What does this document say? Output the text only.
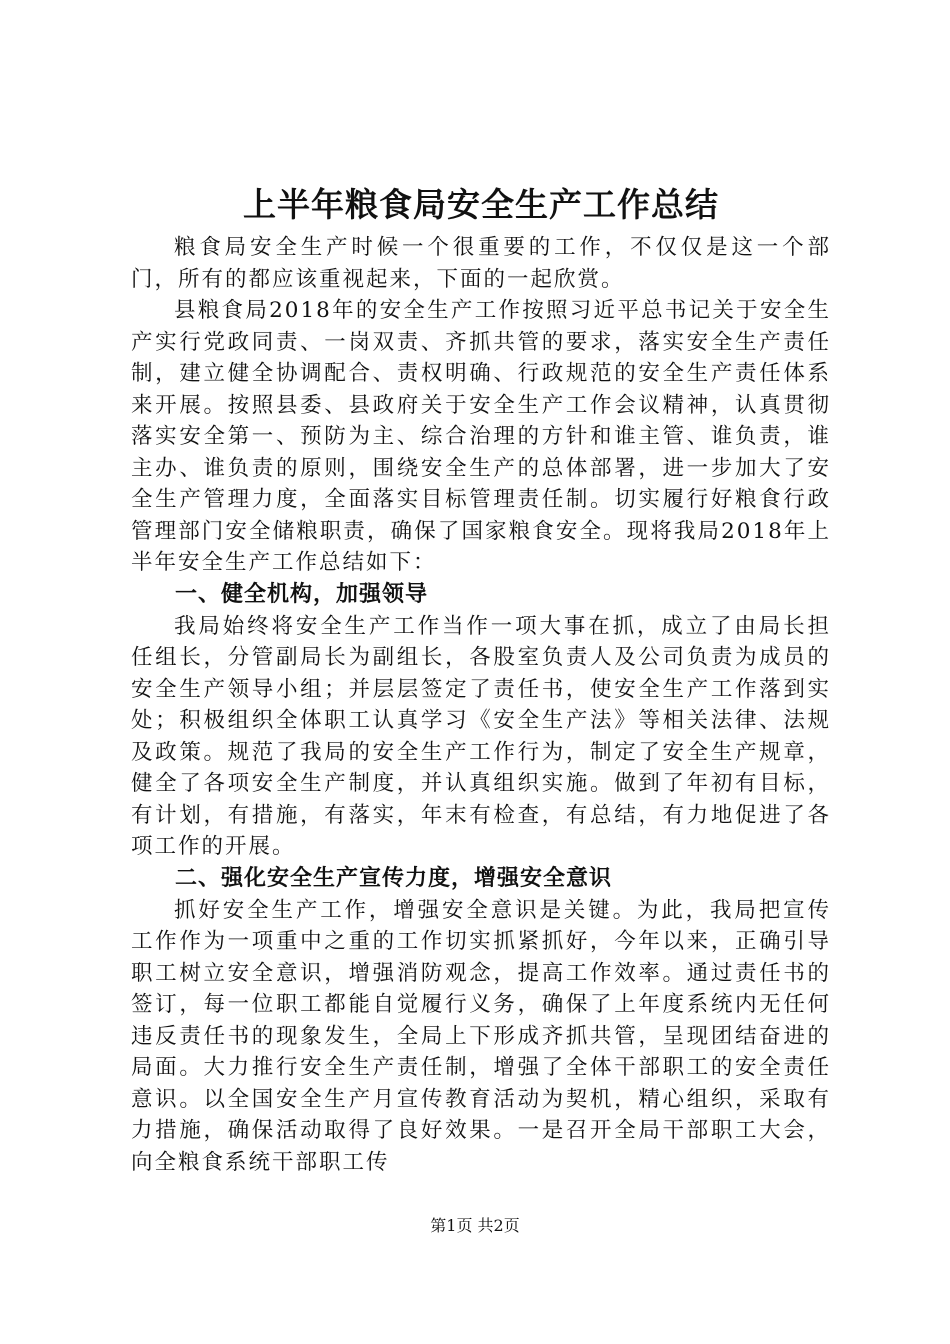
上半年粮食局安全生产工作总结

粮食局安全生产时候一个很重要的工作，不仅仅是这一个部门，所有的都应该重视起来，下面的一起欣赏。

县粮食局2018年的安全生产工作按照习近平总书记关于安全生产实行党政同责、一岗双责、齐抓共管的要求，落实安全生产责任制，建立健全协调配合、责权明确、行政规范的安全生产责任体系来开展。按照县委、县政府关于安全生产工作会议精神，认真贯彻落实安全第一、预防为主、综合治理的方针和谁主管、谁负责，谁主办、谁负责的原则，围绕安全生产的总体部署，进一步加大了安全生产管理力度，全面落实目标管理责任制。切实履行好粮食行政管理部门安全储粮职责，确保了国家粮食安全。现将我局2018年上半年安全生产工作总结如下：

一、健全机构，加强领导

我局始终将安全生产工作当作一项大事在抓，成立了由局长担任组长，分管副局长为副组长，各股室负责人及公司负责为成员的安全生产领导小组；并层层签定了责任书，使安全生产工作落到实处；积极组织全体职工认真学习《安全生产法》等相关法律、法规及政策。规范了我局的安全生产工作行为，制定了安全生产规章，健全了各项安全生产制度，并认真组织实施。做到了年初有目标，有计划，有措施，有落实，年末有检查，有总结，有力地促进了各项工作的开展。

二、强化安全生产宣传力度，增强安全意识

抓好安全生产工作，增强安全意识是关键。为此，我局把宣传工作作为一项重中之重的工作切实抓紧抓好，今年以来，正确引导职工树立安全意识，增强消防观念，提高工作效率。通过责任书的签订，每一位职工都能自觉履行义务，确保了上年度系统内无任何违反责任书的现象发生，全局上下形成齐抓共管，呈现团结奋进的局面。大力推行安全生产责任制，增强了全体干部职工的安全责任意识。以全国安全生产月宣传教育活动为契机，精心组织，采取有力措施，确保活动取得了良好效果。一是召开全局干部职工大会，向全粮食系统干部职工传

第1页 共2页
